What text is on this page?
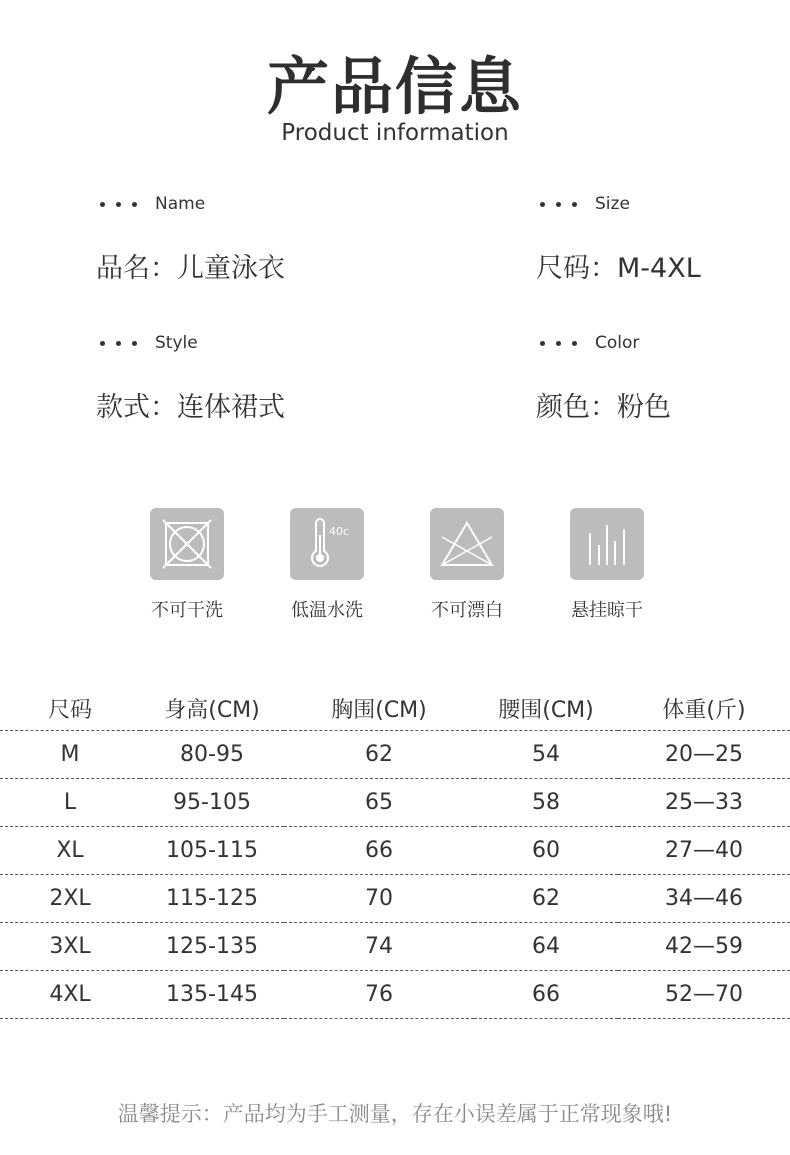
产品信息
Product information
Name
品名：儿童泳衣
Size
尺码：M-4XL
Style
款式：连体裙式
Color
颜色：粉色
不可干洗
40c
低温水洗	不可漂白	悬挂晾干
尺码	身高(CM)	胸围(CM)	腰围(CM)	体重(斤)
M	80-95	62	54	20—25
L	95-105	65	58	25—33
XL	105-115	66	60	27—40
2XL	115-125	70	62	34—46
3XL	125-135	74	64	42—59
4XL	135-145	76	66	52—70
温馨提示：产品均为手工测量，存在小误差属于正常现象哦!
